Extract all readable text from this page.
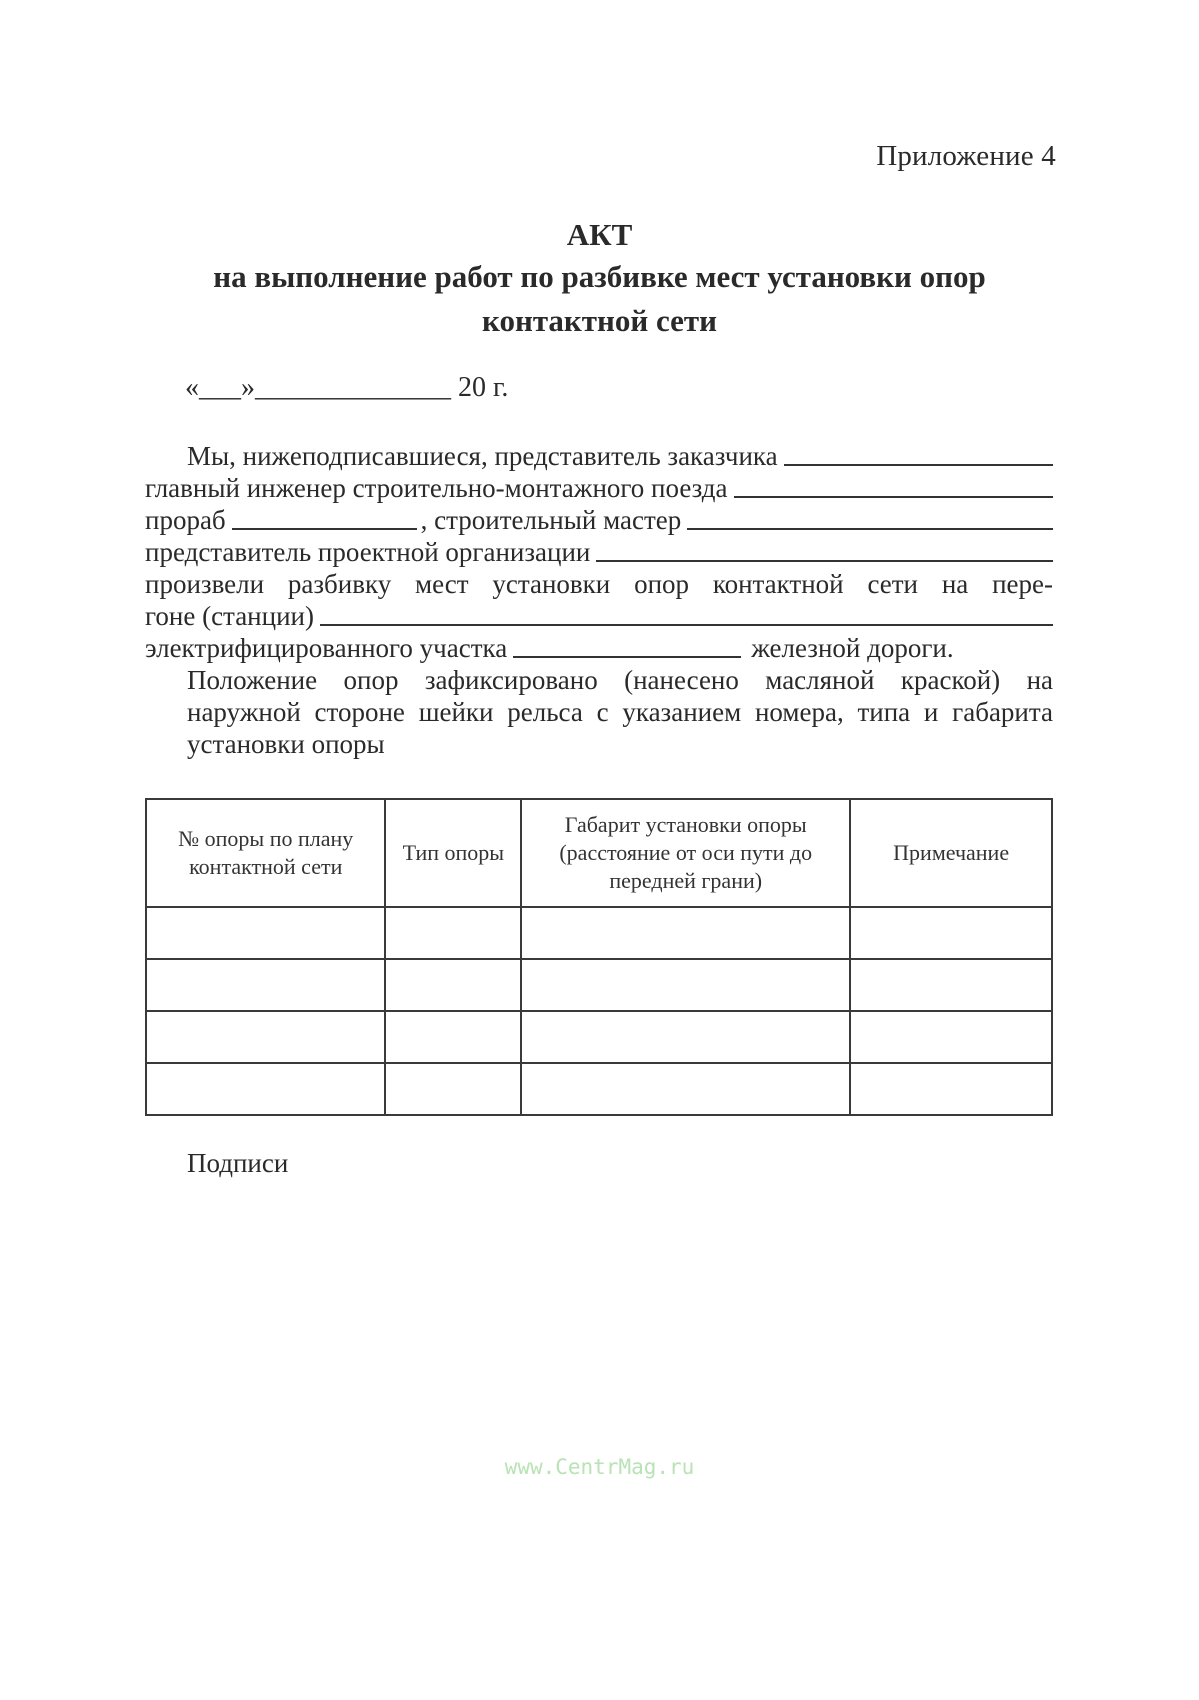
Приложение 4
АКТ
на выполнение работ по разбивке мест установки опор
контактной сети
«___»______________ 20 г.
Мы, нижеподписавшиеся, представитель заказчика
главный инженер строительно-монтажного поезда
прораб	, строительный мастер
представитель проектной организации
произвели разбивку мест установки опор контактной сети на пере-
гоне (станции)
электрифицированного участка	железной дороги.
Положение опор зафиксировано (нанесено масляной краской) на наружной стороне шейки рельса с указанием номера, типа и габарита установки опоры
№ опоры по плану контактной сети	Тип опоры	Габарит установки опоры (расстояние от оси пути до передней грани)	Примечание

Подписи
www.CentrMag.ru
